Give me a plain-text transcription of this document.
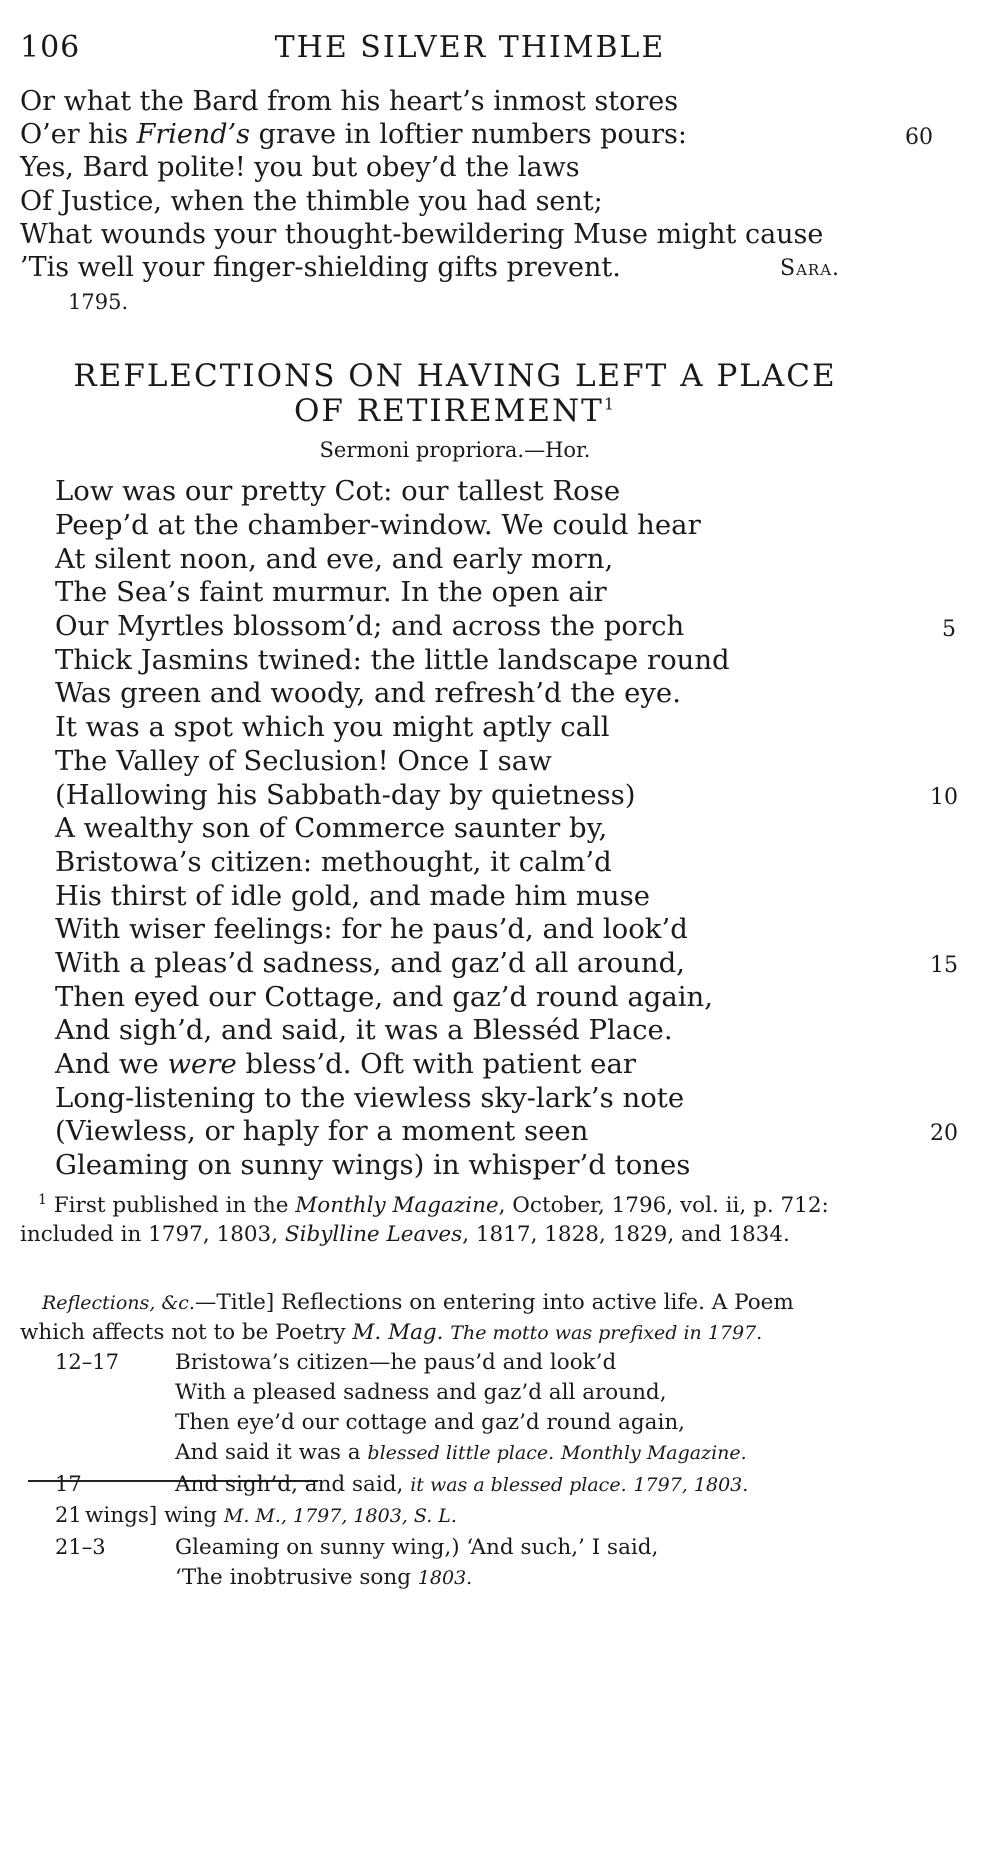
106	THE SILVER THIMBLE
Or what the Bard from his heart’s inmost stores
O’er his Friend’s grave in loftier numbers pours:	60
Yes, Bard polite! you but obey’d the laws
Of Justice, when the thimble you had sent;
What wounds your thought-bewildering Muse might cause
’Tis well your finger-shielding gifts prevent.	Sara.
1795.
REFLECTIONS ON HAVING LEFT A PLACE
OF RETIREMENT$^1$
Sermoni propriora.—Hor.
Low was our pretty Cot: our tallest Rose
Peep’d at the chamber-window. We could hear
At silent noon, and eve, and early morn,
The Sea’s faint murmur. In the open air
Our Myrtles blossom’d; and across the porch
Thick Jasmins twined: the little landscape round
Was green and woody, and refresh’d the eye.
It was a spot which you might aptly call
The Valley of Seclusion! Once I saw
(Hallowing his Sabbath-day by quietness)
A wealthy son of Commerce saunter by,
Bristowa’s citizen: methought, it calm’d
His thirst of idle gold, and made him muse
With wiser feelings: for he paus’d, and look’d
With a pleas’d sadness, and gaz’d all around,
Then eyed our Cottage, and gaz’d round again,
And sigh’d, and said, it was a Blesséd Place.
And we were bless’d. Oft with patient ear
Long-listening to the viewless sky-lark’s note
(Viewless, or haply for a moment seen
Gleaming on sunny wings) in whisper’d tones
5
10
15
20
$^1$ First published in the Monthly Magazine, October, 1796, vol. ii, p. 712:
included in 1797, 1803, Sibylline Leaves, 1817, 1828, 1829, and 1834.
Reflections, &c.—Title] Reflections on entering into active life. A Poem
which affects not to be Poetry M. Mag. The motto was prefixed in 1797.
12–17	Bristowa’s citizen—he paus’d and look’d
With a pleased sadness and gaz’d all around,
Then eye’d our cottage and gaz’d round again,
And said it was a blessed little place. Monthly Magazine.
17	And sigh’d, and said, it was a blessed place. 1797, 1803.
21 wings] wing M. M., 1797, 1803, S. L.
21–3	Gleaming on sunny wing,) ‘And such,’ I said,
‘The inobtrusive song 1803.
